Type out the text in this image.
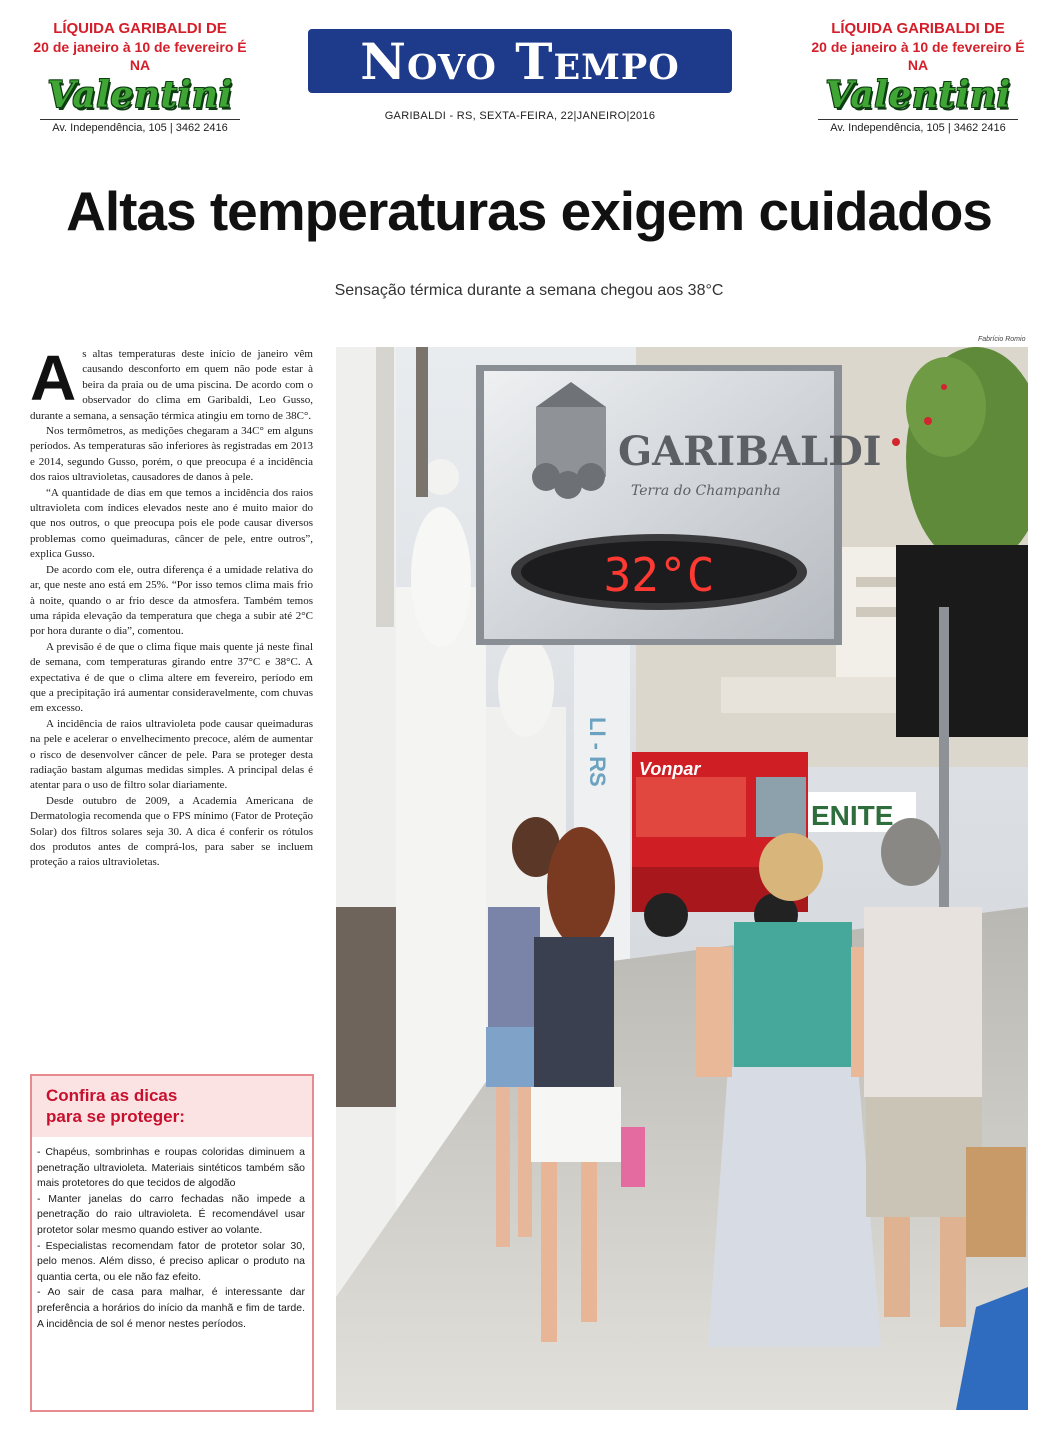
LÍQUIDA GARIBALDI DE
20 de janeiro à 10 de fevereiro É NA
Valentini
Av. Independência, 105 | 3462 2416
Novo Tempo
GARIBALDI - RS, SEXTA-FEIRA, 22|JANEIRO|2016
LÍQUIDA GARIBALDI DE
20 de janeiro à 10 de fevereiro É NA
Valentini
Av. Independência, 105 | 3462 2416
Altas temperaturas exigem cuidados
Sensação térmica durante a semana chegou aos 38°C

As altas temperaturas deste início de janeiro vêm causando desconforto em quem não pode estar à beira da praia ou de uma piscina. De acordo com o observador do clima em Garibaldi, Leo Gusso, durante a semana, a sensação térmica atingiu em torno de 38C°.

Nos termômetros, as medições chegaram a 34C° em alguns períodos. As temperaturas são inferiores às registradas em 2013 e 2014, segundo Gusso, porém, o que preocupa é a incidência dos raios ultravioletas, causadores de danos à pele.

“A quantidade de dias em que temos a incidência dos raios ultravioleta com índices elevados neste ano é muito maior do que nos outros, o que preocupa pois ele pode causar diversos problemas como queimaduras, câncer de pele, entre outros”, explica Gusso.

De acordo com ele, outra diferença é a umidade relativa do ar, que neste ano está em 25%. “Por isso temos clima mais frio à noite, quando o ar frio desce da atmosfera. Também temos uma rápida elevação da temperatura que chega a subir até 2°C por hora durante o dia”, comentou.

A previsão é de que o clima fique mais quente já neste final de semana, com temperaturas girando entre 37°C e 38°C. A expectativa é de que o clima altere em fevereiro, período em que a precipitação irá aumentar consideravelmente, com chuvas em excesso.

A incidência de raios ultravioleta pode causar queimaduras na pele e acelerar o envelhecimento precoce, além de aumentar o risco de desenvolver câncer de pele. Para se proteger desta radiação bastam algumas medidas simples. A principal delas é atentar para o uso de filtro solar diariamente.

Desde outubro de 2009, a Academia Americana de Dermatologia recomenda que o FPS mínimo (Fator de Proteção Solar) dos filtros solares seja 30. A dica é conferir os rótulos dos produtos antes de comprá-los, para saber se incluem proteção a raios ultravioletas.

Confira as dicas para se proteger:

- Chapéus, sombrinhas e roupas coloridas diminuem a penetração ultravioleta. Materiais sintéticos também são mais protetores do que tecidos de algodão

- Manter janelas do carro fechadas não impede a penetração do raio ultravioleta. É recomendável usar protetor solar mesmo quando estiver ao volante.

- Especialistas recomendam fator de protetor solar 30, pelo menos. Além disso, é preciso aplicar o produto na quantia certa, ou ele não faz efeito.

- Ao sair de casa para malhar, é interessante dar preferência a horários do início da manhã e fim de tarde. A incidência de sol é menor nestes períodos.

Fabrício Romio
ENITE
Vonpar
LI - RS
GARIBALDI
Terra do Champanha
32°C
